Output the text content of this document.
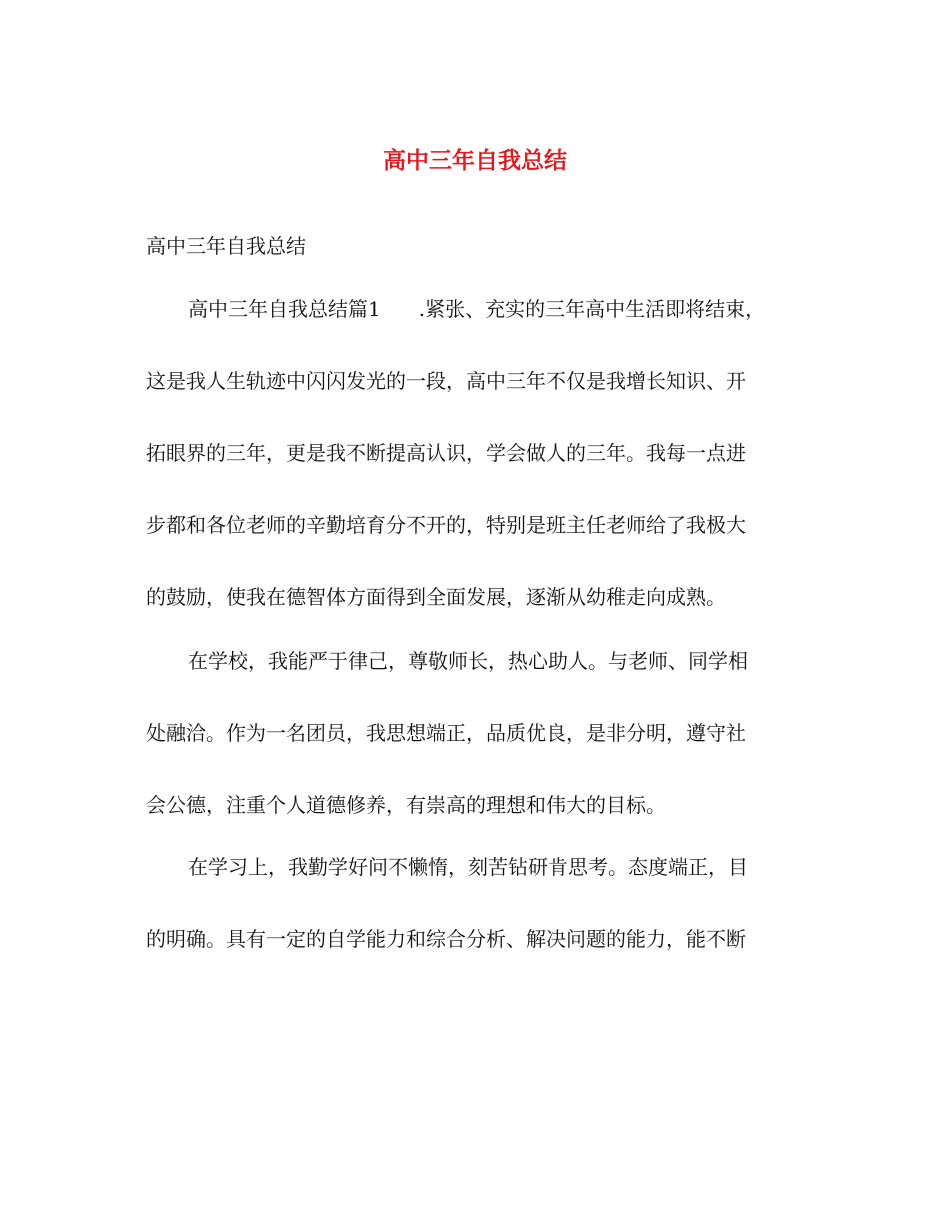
高中三年自我总结
高中三年自我总结
高中三年自我总结篇1 .紧张、充实的三年高中生活即将结束，
这是我人生轨迹中闪闪发光的一段，高中三年不仅是我增长知识、开
拓眼界的三年，更是我不断提高认识，学会做人的三年。我每一点进
步都和各位老师的辛勤培育分不开的，特别是班主任老师给了我极大
的鼓励，使我在德智体方面得到全面发展，逐渐从幼稚走向成熟。
在学校，我能严于律己，尊敬师长，热心助人。与老师、同学相
处融洽。作为一名团员，我思想端正，品质优良，是非分明，遵守社
会公德，注重个人道德修养，有崇高的理想和伟大的目标。
在学习上，我勤学好问不懒惰，刻苦钻研肯思考。态度端正，目
的明确。具有一定的自学能力和综合分析、解决问题的能力，能不断
